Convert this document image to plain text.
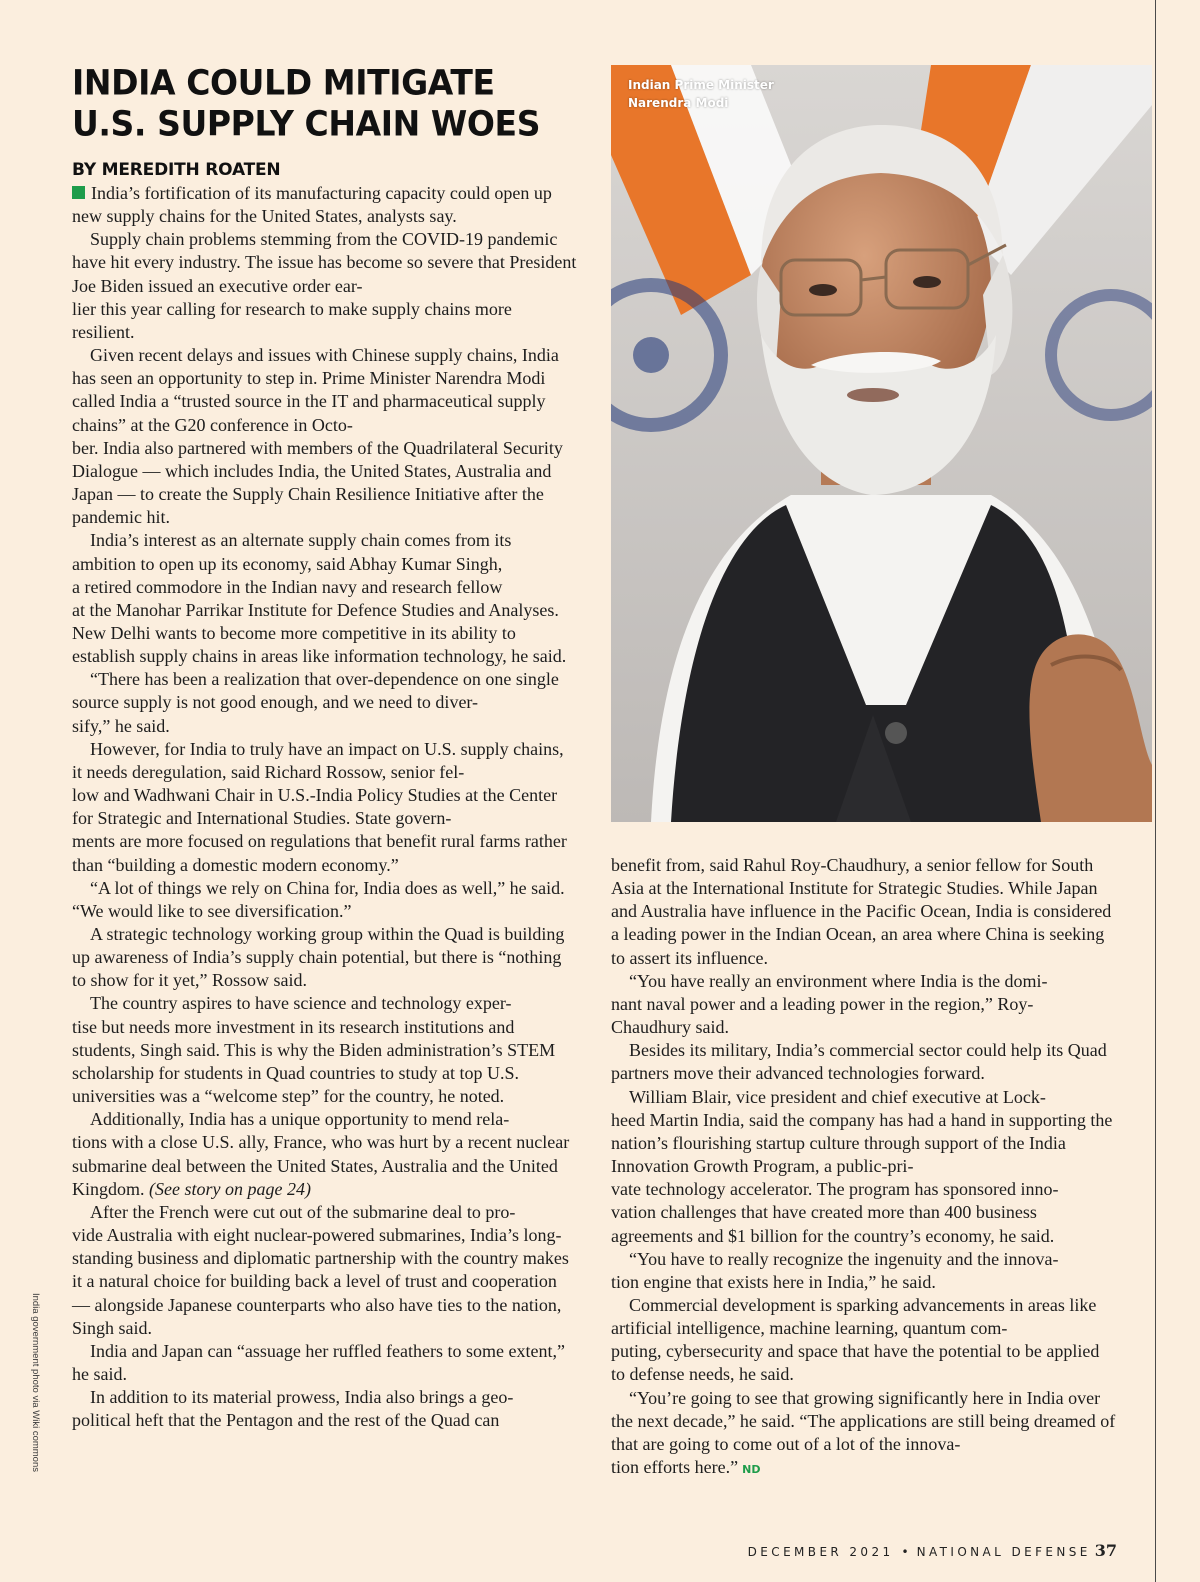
INDIA COULD MITIGATE
U.S. SUPPLY CHAIN WOES
BY MEREDITH ROATEN

India’s fortification of its manufacturing capacity could open up new supply chains for the United States, analysts say.

Supply chain problems stemming from the COVID-19 pandemic have hit every industry. The issue has become so severe that President Joe Biden issued an executive order ear-
lier this year calling for research to make supply chains more resilient.

Given recent delays and issues with Chinese supply chains, India has seen an opportunity to step in. Prime Minister Narendra Modi called India a “trusted source in the IT and pharmaceutical supply chains” at the G20 conference in Octo-
ber. India also partnered with members of the Quadrilateral Security Dialogue — which includes India, the United States, Australia and Japan — to create the Supply Chain Resilience Initiative after the pandemic hit.

India’s interest as an alternate supply chain comes from its ambition to open up its economy, said Abhay Kumar Singh,
a retired commodore in the Indian navy and research fellow
at the Manohar Parrikar Institute for Defence Studies and Analyses. New Delhi wants to become more competitive in its ability to establish supply chains in areas like information technology, he said.

“There has been a realization that over-dependence on one single source supply is not good enough, and we need to diver-
sify,” he said.

However, for India to truly have an impact on U.S. supply chains, it needs deregulation, said Richard Rossow, senior fel-
low and Wadhwani Chair in U.S.-India Policy Studies at the Center for Strategic and International Studies. State govern-
ments are more focused on regulations that benefit rural farms rather than “building a domestic modern economy.”

“A lot of things we rely on China for, India does as well,” he said. “We would like to see diversification.”

A strategic technology working group within the Quad is building up awareness of India’s supply chain potential, but there is “nothing to show for it yet,” Rossow said.

The country aspires to have science and technology exper-
tise but needs more investment in its research institutions and students, Singh said. This is why the Biden administration’s STEM scholarship for students in Quad countries to study at top U.S. universities was a “welcome step” for the country, he noted.

Additionally, India has a unique opportunity to mend rela-
tions with a close U.S. ally, France, who was hurt by a recent nuclear submarine deal between the United States, Australia and the United Kingdom. (See story on page 24)

After the French were cut out of the submarine deal to pro-
vide Australia with eight nuclear-powered submarines, India’s long-standing business and diplomatic partnership with the country makes it a natural choice for building back a level of trust and cooperation — alongside Japanese counterparts who also have ties to the nation, Singh said.

India and Japan can “assuage her ruffled feathers to some extent,” he said.

In addition to its material prowess, India also brings a geo-
political heft that the Pentagon and the rest of the Quad can

Indian Prime Minister
Narendra Modi

benefit from, said Rahul Roy-Chaudhury, a senior fellow for South Asia at the International Institute for Strategic Studies. While Japan and Australia have influence in the Pacific Ocean, India is considered a leading power in the Indian Ocean, an area where China is seeking to assert its influence.

“You have really an environment where India is the domi-
nant naval power and a leading power in the region,” Roy-
Chaudhury said.

Besides its military, India’s commercial sector could help its Quad partners move their advanced technologies forward.

William Blair, vice president and chief executive at Lock-
heed Martin India, said the company has had a hand in supporting the nation’s flourishing startup culture through support of the India Innovation Growth Program, a public-pri-
vate technology accelerator. The program has sponsored inno-
vation challenges that have created more than 400 business agreements and $1 billion for the country’s economy, he said.

“You have to really recognize the ingenuity and the innova-
tion engine that exists here in India,” he said.

Commercial development is sparking advancements in areas like artificial intelligence, machine learning, quantum com-
puting, cybersecurity and space that have the potential to be applied to defense needs, he said.

“You’re going to see that growing significantly here in India over the next decade,” he said. “The applications are still being dreamed of that are going to come out of a lot of the innova-
tion efforts here.” ND

India government photo via Wiki commons
DECEMBER 2021 • NATIONAL DEFENSE 37
